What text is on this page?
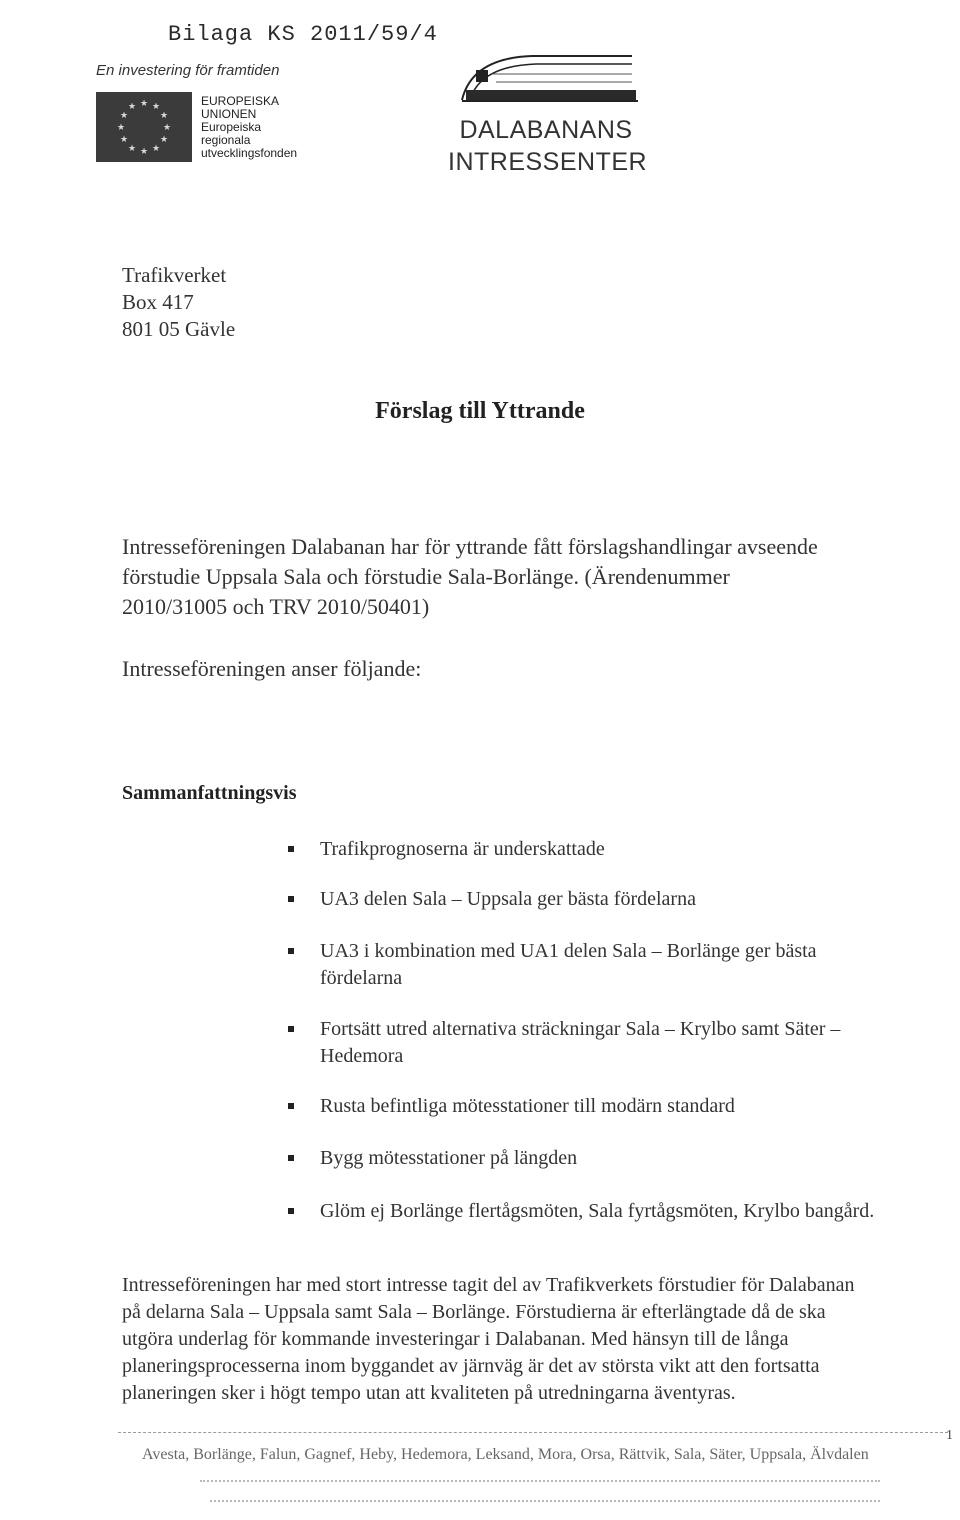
Bilaga KS 2011/59/4
En investering för framtiden
★ ★
★
★
★
★
★
★
★
★
★
★	EUROPEISKA
UNIONEN
Europeiska
regionala
utvecklingsfonden
DALABANANS
INTRESSENTER
Trafikverket
Box 417
801 05 Gävle
Förslag till Yttrande
Intresseföreningen Dalabanan har för yttrande fått förslagshandlingar avseende
förstudie Uppsala Sala och förstudie Sala-Borlänge. (Ärendenummer
2010/31005 och TRV 2010/50401)
Intresseföreningen anser följande:
Sammanfattningsvis
Trafikprognoserna är underskattade
UA3 delen Sala – Uppsala ger bästa fördelarna
UA3 i kombination med UA1 delen Sala – Borlänge ger bästa
fördelarna
Fortsätt utred alternativa sträckningar Sala – Krylbo samt Säter –
Hedemora
Rusta befintliga mötesstationer till modärn standard
Bygg mötesstationer på längden
Glöm ej Borlänge flertågsmöten, Sala fyrtågsmöten, Krylbo bangård.
Intresseföreningen har med stort intresse tagit del av Trafikverkets förstudier för Dalabanan
på delarna Sala – Uppsala samt Sala – Borlänge. Förstudierna är efterlängtade då de ska
utgöra underlag för kommande investeringar i Dalabanan. Med hänsyn till de långa
planeringsprocesserna inom byggandet av järnväg är det av största vikt att den fortsatta
planeringen sker i högt tempo utan att kvaliteten på utredningarna äventyras.
1
Avesta, Borlänge, Falun, Gagnef, Heby, Hedemora, Leksand, Mora, Orsa, Rättvik, Sala, Säter, Uppsala, Älvdalen
